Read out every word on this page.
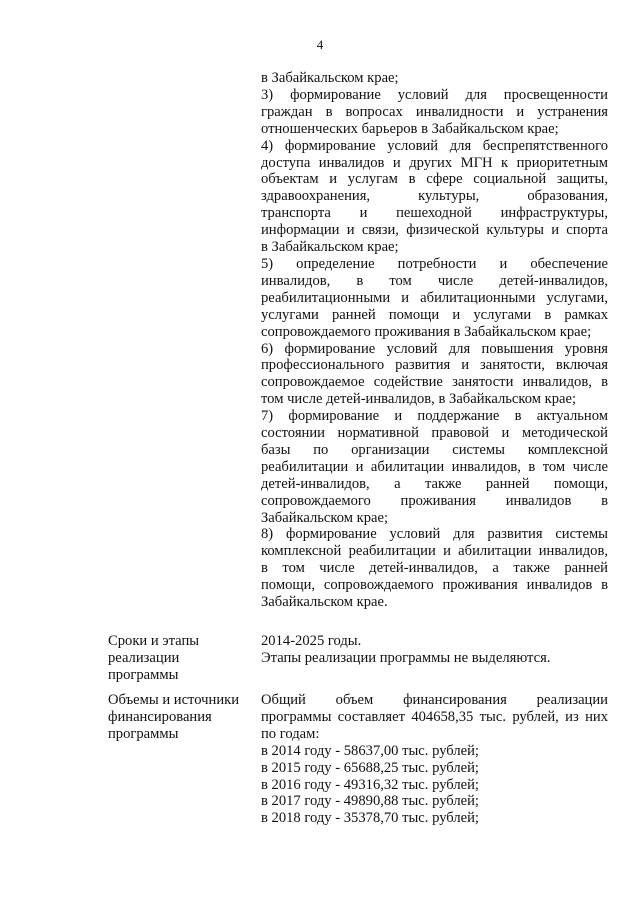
4
в Забайкальском крае;
3) формирование условий для просвещенности
граждан в вопросах инвалидности и устранения
отношенческих барьеров в Забайкальском крае;
4) формирование условий для беспрепятственного
доступа инвалидов и других МГН к приоритетным
объектам и услугам в сфере социальной защиты,
здравоохранения, культуры, образования,
транспорта и пешеходной инфраструктуры,
информации и связи, физической культуры и спорта
в Забайкальском крае;
5) определение потребности и обеспечение
инвалидов, в том числе детей-инвалидов,
реабилитационными и абилитационными услугами,
услугами ранней помощи и услугами в рамках
сопровождаемого проживания в Забайкальском крае;
6) формирование условий для повышения уровня
профессионального развития и занятости, включая
сопровождаемое содействие занятости инвалидов, в
том числе детей-инвалидов, в Забайкальском крае;
7) формирование и поддержание в актуальном
состоянии нормативной правовой и методической
базы по организации системы комплексной
реабилитации и абилитации инвалидов, в том числе
детей-инвалидов, а также ранней помощи,
сопровождаемого проживания инвалидов в
Забайкальском крае;
8) формирование условий для развития системы
комплексной реабилитации и абилитации инвалидов,
в том числе детей-инвалидов, а также ранней
помощи, сопровождаемого проживания инвалидов в
Забайкальском крае.
Сроки и этапы
реализации
программы
2014-2025 годы.
Этапы реализации программы не выделяются.
Объемы и источники
финансирования
программы
Общий объем финансирования реализации
программы составляет 404658,35 тыс. рублей, из них
по годам:
в 2014 году - 58637,00 тыс. рублей;
в 2015 году - 65688,25 тыс. рублей;
в 2016 году - 49316,32 тыс. рублей;
в 2017 году - 49890,88 тыс. рублей;
в 2018 году - 35378,70 тыс. рублей;
